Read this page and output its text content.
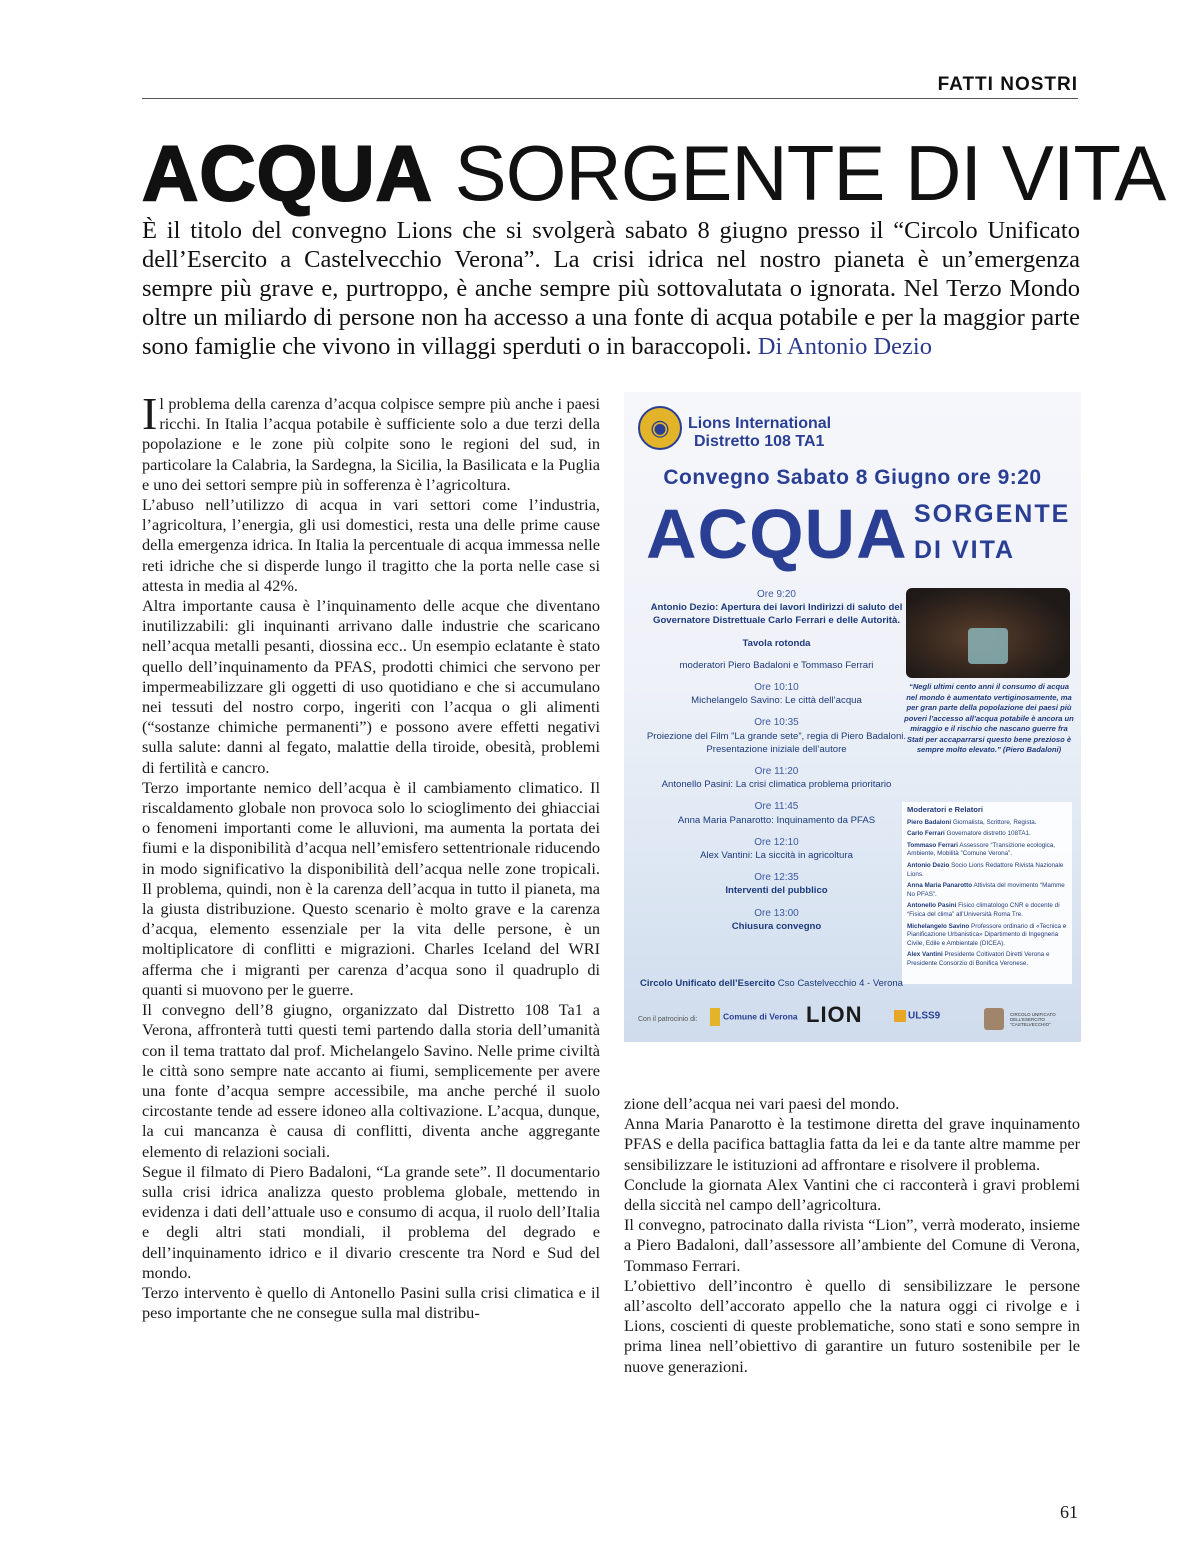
FATTI NOSTRI
ACQUA SORGENTE DI VITA
È il titolo del convegno Lions che si svolgerà sabato 8 giugno presso il “Circolo Unificato dell’Esercito a Castelvecchio Verona”. La crisi idrica nel nostro pianeta è un’emergenza sempre più grave e, purtroppo, è anche sempre più sottovalutata o ignorata. Nel Terzo Mondo oltre un miliardo di persone non ha accesso a una fonte di acqua potabile e per la maggior parte sono famiglie che vivono in villaggi sperduti o in baraccopoli. Di Antonio Dezio

Il problema della carenza d’acqua colpisce sempre più anche i paesi ricchi. In Italia l’acqua potabile è sufficiente solo a due terzi della popolazione e le zone più colpite sono le regioni del sud, in particolare la Calabria, la Sardegna, la Sicilia, la Basilicata e la Puglia e uno dei settori sempre più in sofferenza è l’agricoltura.

L’abuso nell’utilizzo di acqua in vari settori come l’industria, l’agricoltura, l’energia, gli usi domestici, resta una delle prime cause della emergenza idrica. In Italia la percentuale di acqua immessa nelle reti idriche che si disperde lungo il tragitto che la porta nelle case si attesta in media al 42%.

Altra importante causa è l’inquinamento delle acque che diventano inutilizzabili: gli inquinanti arrivano dalle industrie che scaricano nell’acqua metalli pesanti, diossina ecc.. Un esempio eclatante è stato quello dell’inquinamento da PFAS, prodotti chimici che servono per impermeabilizzare gli oggetti di uso quotidiano e che si accumulano nei tessuti del nostro corpo, ingeriti con l’acqua o gli alimenti (“sostanze chimiche permanenti”) e possono avere effetti negativi sulla salute: danni al fegato, malattie della tiroide, obesità, problemi di fertilità e cancro.

Terzo importante nemico dell’acqua è il cambiamento climatico. Il riscaldamento globale non provoca solo lo scioglimento dei ghiacciai o fenomeni importanti come le alluvioni, ma aumenta la portata dei fiumi e la disponibilità d’acqua nell’emisfero settentrionale riducendo in modo significativo la disponibilità dell’acqua nelle zone tropicali. Il problema, quindi, non è la carenza dell’acqua in tutto il pianeta, ma la giusta distribuzione. Questo scenario è molto grave e la carenza d’acqua, elemento essenziale per la vita delle persone, è un moltiplicatore di conflitti e migrazioni. Charles Iceland del WRI afferma che i migranti per carenza d’acqua sono il quadruplo di quanti si muovono per le guerre.

Il convegno dell’8 giugno, organizzato dal Distretto 108 Ta1 a Verona, affronterà tutti questi temi partendo dalla storia dell’umanità con il tema trattato dal prof. Michelangelo Savino. Nelle prime civiltà le città sono sempre nate accanto ai fiumi, semplicemente per avere una fonte d’acqua sempre accessibile, ma anche perché il suolo circostante tende ad essere idoneo alla coltivazione. L’acqua, dunque, la cui mancanza è causa di conflitti, diventa anche aggregante elemento di relazioni sociali.

Segue il filmato di Piero Badaloni, “La grande sete”. Il documentario sulla crisi idrica analizza questo problema globale, mettendo in evidenza i dati dell’attuale uso e consumo di acqua, il ruolo dell’Italia e degli altri stati mondiali, il problema del degrado e dell’inquinamento idrico e il divario crescente tra Nord e Sud del mondo.

Terzo intervento è quello di Antonello Pasini sulla crisi climatica e il peso importante che ne consegue sulla mal distribu-

◉	Lions International
Distretto 108 TA1
Convegno Sabato 8 Giugno ore 9:20
ACQUA SORGENTE
DI VITA
“Negli ultimi cento anni il consumo di acqua nel mondo è aumentato vertiginosamente, ma per gran parte della popolazione dei paesi più poveri l’accesso all’acqua potabile è ancora un miraggio e il rischio che nascano guerre fra Stati per accaparrarsi questo bene prezioso è sempre molto elevato.” (Piero Badaloni)
Ore 9:20
Antonio Dezio: Apertura dei lavori Indirizzi di saluto del Governatore Distrettuale Carlo Ferrari e delle Autorità.
Tavola rotonda
moderatori Piero Badaloni e Tommaso Ferrari
Ore 10:10
Michelangelo Savino: Le città dell’acqua
Ore 10:35
Proiezione del Film ”La grande sete”, regia di Piero Badaloni. Presentazione iniziale dell’autore
Ore 11:20
Antonello Pasini: La crisi climatica problema prioritario
Ore 11:45
Anna Maria Panarotto: Inquinamento da PFAS
Ore 12:10
Alex Vantini: La siccità in agricoltura
Ore 12:35
Interventi del pubblico
Ore 13:00
Chiusura convegno
Moderatori e Relatori
Piero Badaloni Giornalista, Scrittore, Regista.
Carlo Ferrari Governatore distretto 108TA1.
Tommaso Ferrari Assessore “Transizione ecologica, Ambiente, Mobilità ”Comune Verona”.
Antonio Dezio Socio Lions Redattore Rivista Nazionale Lions.
Anna Maria Panarotto Attivista del movimento “Mamme No PFAS”.
Antonello Pasini Fisico climatologo CNR e docente di “Fisica del clima” all’Università Roma Tre.
Michelangelo Savino Professore ordinario di «Tecnica e Pianificazione Urbanistica» Dipartimento di Ingegneria Civile, Edile e Ambientale (DICEA).
Alex Vantini Presidente Coltivatori Diretti Verona e Presidente Consorzio di Bonifica Veronese.
Circolo Unificato dell’Esercito Cso Castelvecchio 4 - Verona
Con il patrocinio di:	Comune di Verona LION	ULSS9	CIRCOLO UNIFICATO DELL’ESERCITO “CASTELVECCHIO”

zione dell’acqua nei vari paesi del mondo.

Anna Maria Panarotto è la testimone diretta del grave inquinamento PFAS e della pacifica battaglia fatta da lei e da tante altre mamme per sensibilizzare le istituzioni ad affrontare e risolvere il problema.

Conclude la giornata Alex Vantini che ci racconterà i gravi problemi della siccità nel campo dell’agricoltura.

Il convegno, patrocinato dalla rivista “Lion”, verrà moderato, insieme a Piero Badaloni, dall’assessore all’ambiente del Comune di Verona, Tommaso Ferrari.

L’obiettivo dell’incontro è quello di sensibilizzare le persone all’ascolto dell’accorato appello che la natura oggi ci rivolge e i Lions, coscienti di queste problematiche, sono stati e sono sempre in prima linea nell’obiettivo di garantire un futuro sostenibile per le nuove generazioni.

61
